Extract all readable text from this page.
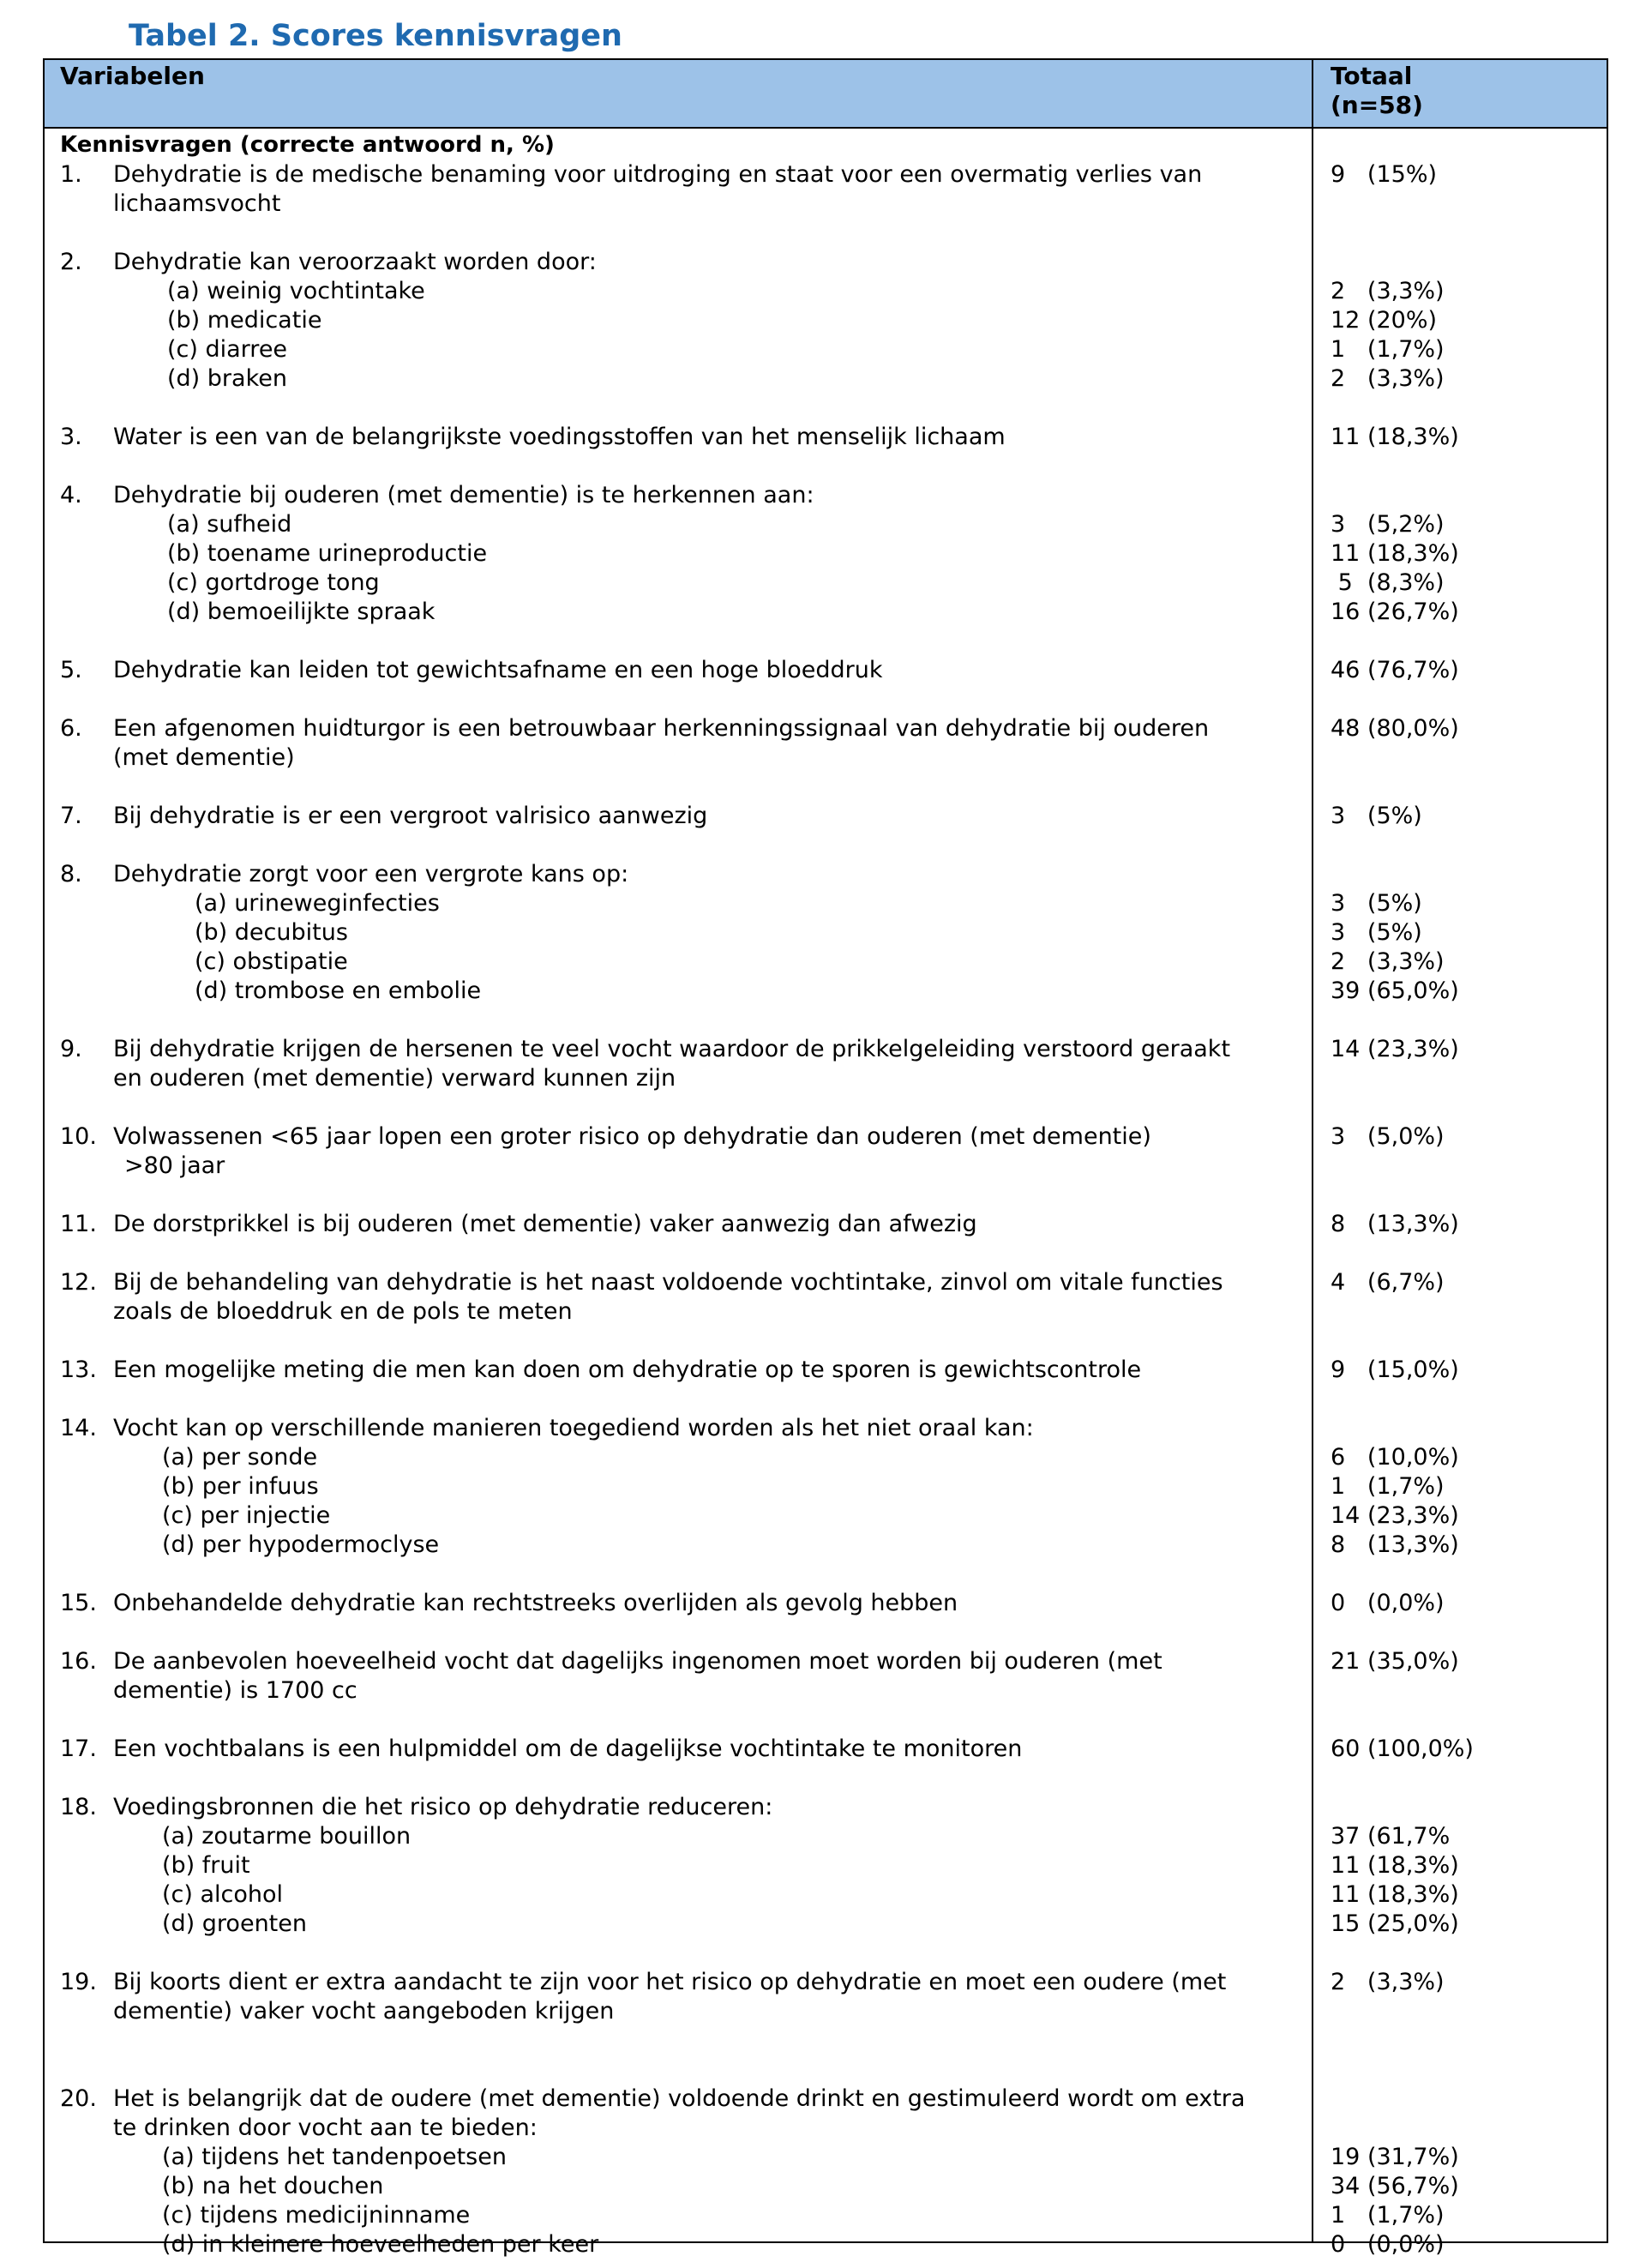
Tabel 2. Scores kennisvragen
Variabelen	Totaal
(n=58)

Kennisvragen (correcte antwoord n, %)

1. Dehydratie is de medische benaming voor uitdroging en staat voor een overmatig verlies van	9   (15%)
lichaamsvocht
2. Dehydratie kan veroorzaakt worden door:
(a) weinig vochtintake	2   (3,3%)
(b) medicatie	12 (20%)
(c) diarree	1   (1,7%)
(d) braken	2   (3,3%)
3. Water is een van de belangrijkste voedingsstoffen van het menselijk lichaam	11 (18,3%)
4. Dehydratie bij ouderen (met dementie) is te herkennen aan:
(a) sufheid	3   (5,2%)
(b) toename urineproductie	11 (18,3%)
(c) gortdroge tong	5  (8,3%)
(d) bemoeilijkte spraak	16 (26,7%)
5. Dehydratie kan leiden tot gewichtsafname en een hoge bloeddruk	46 (76,7%)
6. Een afgenomen huidturgor is een betrouwbaar herkenningssignaal van dehydratie bij ouderen	48 (80,0%)
(met dementie)
7. Bij dehydratie is er een vergroot valrisico aanwezig	3   (5%)
8. Dehydratie zorgt voor een vergrote kans op:
(a) urineweginfecties	3   (5%)
(b) decubitus	3   (5%)
(c) obstipatie	2   (3,3%)
(d) trombose en embolie	39 (65,0%)
9. Bij dehydratie krijgen de hersenen te veel vocht waardoor de prikkelgeleiding verstoord geraakt	14 (23,3%)
en ouderen (met dementie) verward kunnen zijn
10. Volwassenen <65 jaar lopen een groter risico op dehydratie dan ouderen (met dementie)	3   (5,0%)
>80 jaar
11. De dorstprikkel is bij ouderen (met dementie) vaker aanwezig dan afwezig	8   (13,3%)
12. Bij de behandeling van dehydratie is het naast voldoende vochtintake, zinvol om vitale functies	4   (6,7%)
zoals de bloeddruk en de pols te meten
13. Een mogelijke meting die men kan doen om dehydratie op te sporen is gewichtscontrole	9   (15,0%)
14. Vocht kan op verschillende manieren toegediend worden als het niet oraal kan:
(a) per sonde	6   (10,0%)
(b) per infuus	1   (1,7%)
(c) per injectie	14 (23,3%)
(d) per hypodermoclyse	8   (13,3%)
15. Onbehandelde dehydratie kan rechtstreeks overlijden als gevolg hebben	0   (0,0%)
16. De aanbevolen hoeveelheid vocht dat dagelijks ingenomen moet worden bij ouderen (met	21 (35,0%)
dementie) is 1700 cc
17. Een vochtbalans is een hulpmiddel om de dagelijkse vochtintake te monitoren	60 (100,0%)
18. Voedingsbronnen die het risico op dehydratie reduceren:
(a) zoutarme bouillon	37 (61,7%
(b) fruit	11 (18,3%)
(c) alcohol	11 (18,3%)
(d) groenten	15 (25,0%)
19. Bij koorts dient er extra aandacht te zijn voor het risico op dehydratie en moet een oudere (met	2   (3,3%)
dementie) vaker vocht aangeboden krijgen
20. Het is belangrijk dat de oudere (met dementie) voldoende drinkt en gestimuleerd wordt om extra
te drinken door vocht aan te bieden:
(a) tijdens het tandenpoetsen	19 (31,7%)
(b) na het douchen	34 (56,7%)
(c) tijdens medicijninname	1   (1,7%)
(d) in kleinere hoeveelheden per keer	0   (0,0%)
